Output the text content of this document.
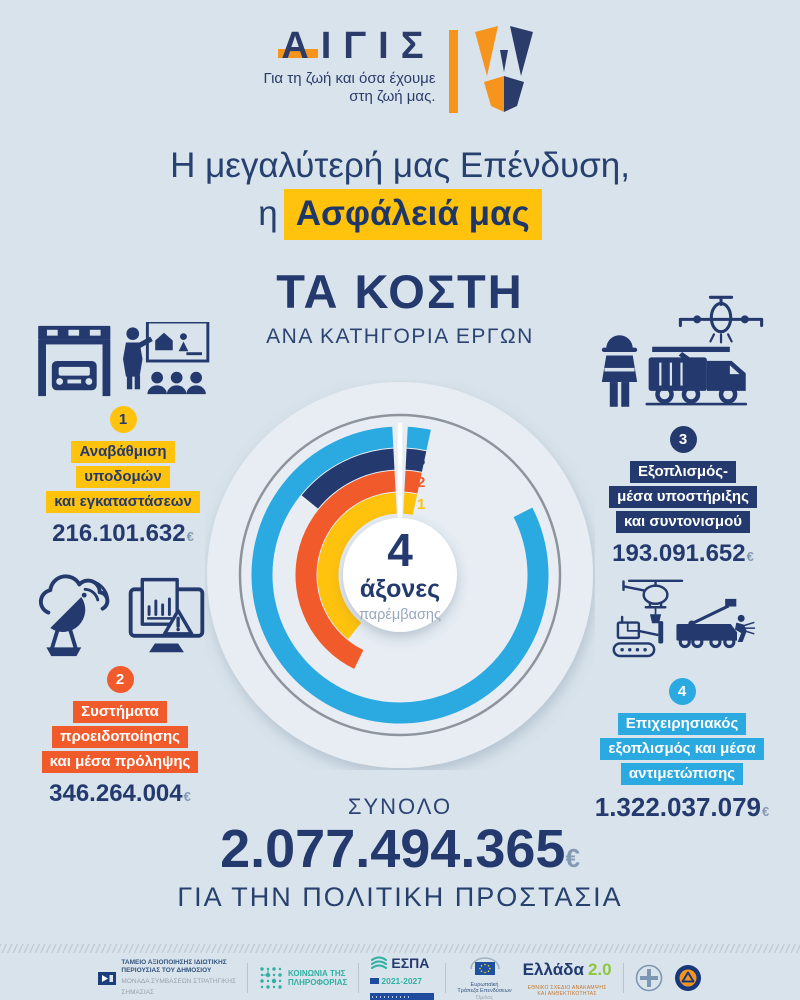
ΑΙΓΙΣ
Για τη ζωή και όσα έχουμε
στη ζωή μας.
Η μεγαλύτερή μας Επένδυση,
η Ασφάλειά μας
ΤΑ ΚΟΣΤΗ
ΑΝΑ ΚΑΤΗΓΟΡΙΑ ΕΡΓΩΝ
1
Αναβάθμιση
υποδομών
και εγκαταστάσεων
216.101.632€
2
Συστήματα
προειδοποίησης
και μέσα πρόληψης
346.264.004€
3
Εξοπλισμός-
μέσα υποστήριξης
και συντονισμού
193.091.652€
4
Επιχειρησιακός
εξοπλισμός και μέσα
αντιμετώπισης
1.322.037.079€
4
3
2
1
4
άξονες
παρέμβασης
ΣΥΝΟΛΟ
2.077.494.365€
ΓΙΑ ΤΗΝ ΠΟΛΙΤΙΚΗ ΠΡΟΣΤΑΣΙΑ
ΤΑΜΕΙΟ ΑΞΙΟΠΟΙΗΣΗΣ ΙΔΙΩΤΙΚΗΣ
ΠΕΡΙΟΥΣΙΑΣ ΤΟΥ ΔΗΜΟΣΙΟΥ
ΜΟΝΑΔΑ ΣΥΜΒΑΣΕΩΝ ΣΤΡΑΤΗΓΙΚΗΣ
ΣΗΜΑΣΙΑΣ
ΚΟΙΝΩΝΙΑ ΤΗΣ
ΠΛΗΡΟΦΟΡΙΑΣ
ΕΣΠΑ
2021-2027	Ευρωπαϊκή
Τράπεζα Επενδύσεων
Όμιλος
Ελλάδα 2.0
ΕΘΝΙΚΟ ΣΧΕΔΙΟ ΑΝΑΚΑΜΨΗΣ
ΚΑΙ ΑΝΘΕΚΤΙΚΟΤΗΤΑΣ
